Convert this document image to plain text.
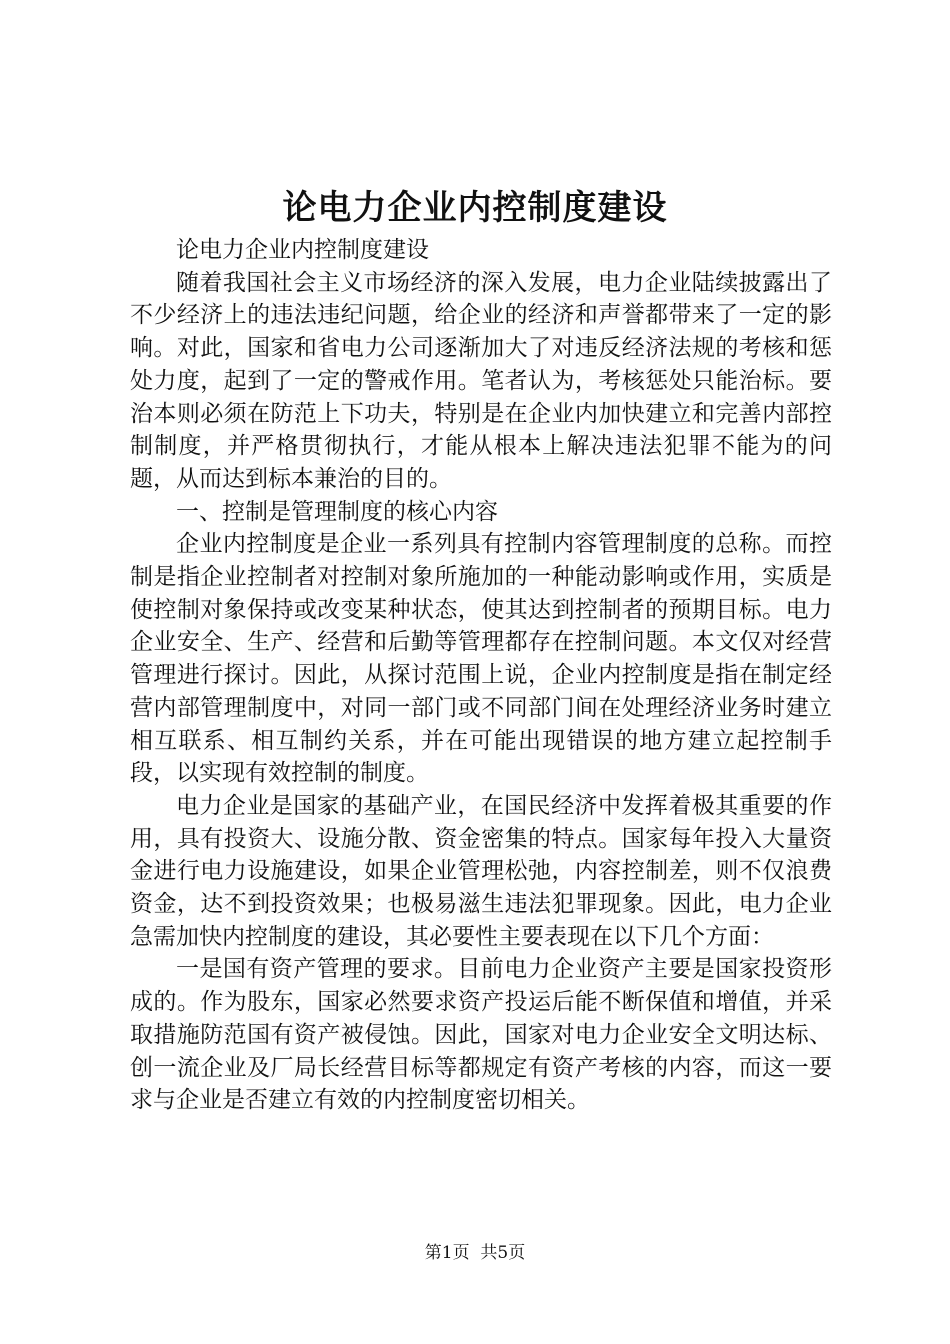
论电力企业内控制度建设

论电力企业内控制度建设

随着我国社会主义市场经济的深入发展，电力企业陆续披露出了不少经济上的违法违纪问题，给企业的经济和声誉都带来了一定的影响。对此，国家和省电力公司逐渐加大了对违反经济法规的考核和惩处力度，起到了一定的警戒作用。笔者认为，考核惩处只能治标。要治本则必须在防范上下功夫，特别是在企业内加快建立和完善内部控制制度，并严格贯彻执行，才能从根本上解决违法犯罪不能为的问题，从而达到标本兼治的目的。

一、控制是管理制度的核心内容

企业内控制度是企业一系列具有控制内容管理制度的总称。而控制是指企业控制者对控制对象所施加的一种能动影响或作用，实质是使控制对象保持或改变某种状态，使其达到控制者的预期目标。电力企业安全、生产、经营和后勤等管理都存在控制问题。本文仅对经营管理进行探讨。因此，从探讨范围上说，企业内控制度是指在制定经营内部管理制度中，对同一部门或不同部门间在处理经济业务时建立相互联系、相互制约关系，并在可能出现错误的地方建立起控制手段，以实现有效控制的制度。

电力企业是国家的基础产业，在国民经济中发挥着极其重要的作用，具有投资大、设施分散、资金密集的特点。国家每年投入大量资金进行电力设施建设，如果企业管理松弛，内容控制差，则不仅浪费资金，达不到投资效果；也极易滋生违法犯罪现象。因此，电力企业急需加快内控制度的建设，其必要性主要表现在以下几个方面：

一是国有资产管理的要求。目前电力企业资产主要是国家投资形成的。作为股东，国家必然要求资产投运后能不断保值和增值，并采取措施防范国有资产被侵蚀。因此，国家对电力企业安全文明达标、创一流企业及厂局长经营目标等都规定有资产考核的内容，而这一要求与企业是否建立有效的内控制度密切相关。

第1页 共5页
